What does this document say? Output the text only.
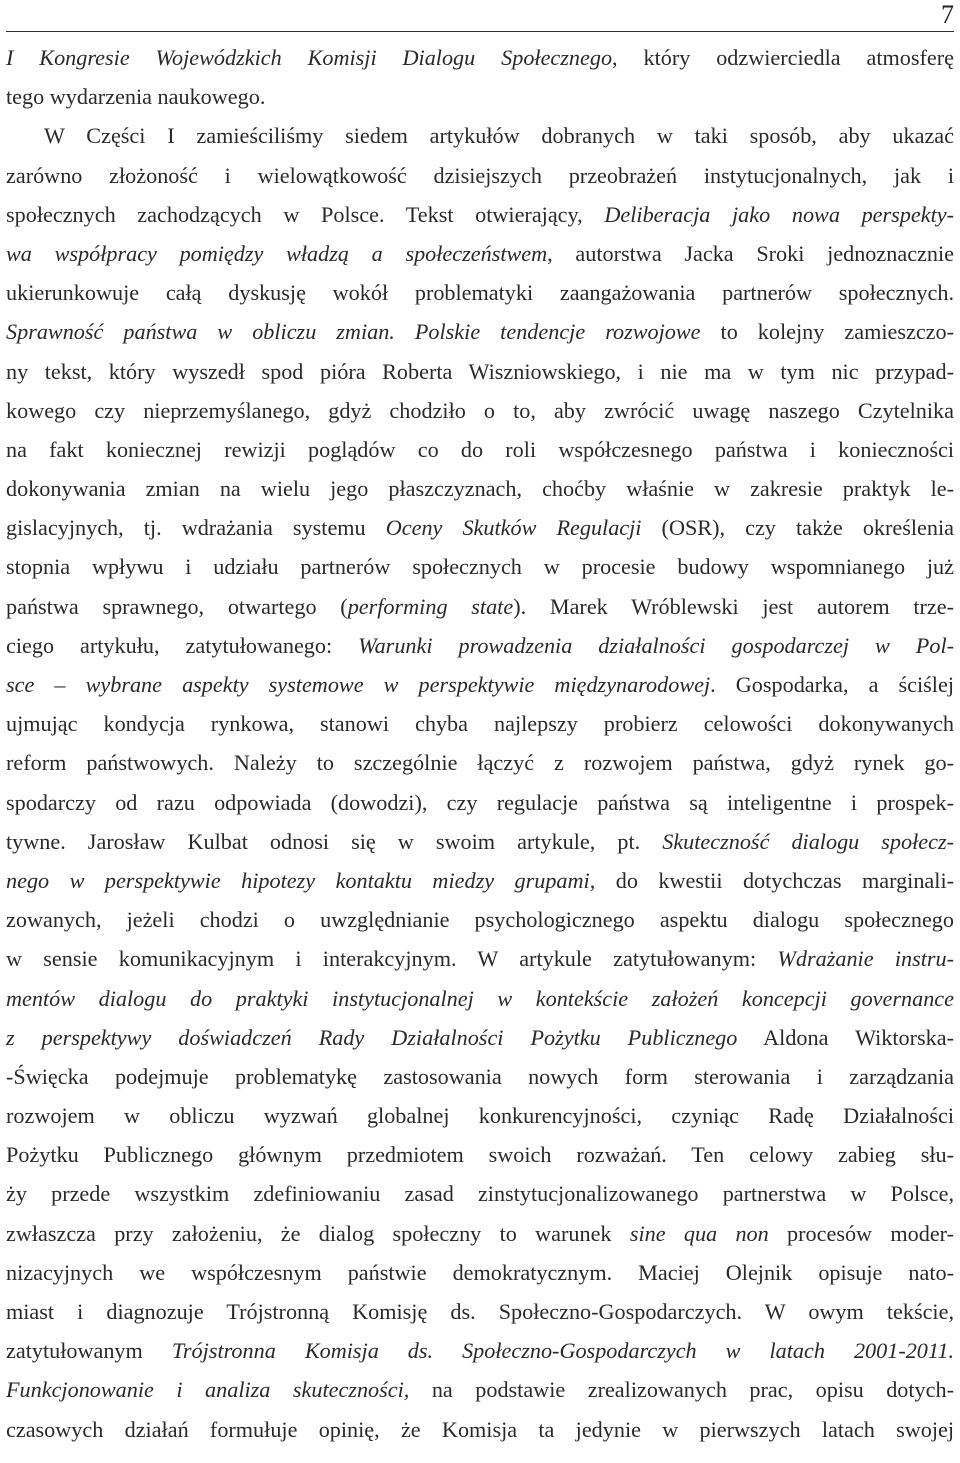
7
I Kongresie Wojewódzkich Komisji Dialogu Społecznego, który odzwierciedla atmosferę
tego wydarzenia naukowego.
W Części I zamieściliśmy siedem artykułów dobranych w taki sposób, aby ukazać
zarówno złożoność i wielowątkowość dzisiejszych przeobrażeń instytucjonalnych, jak i
społecznych zachodzących w Polsce. Tekst otwierający, Deliberacja jako nowa perspekty-
wa współpracy pomiędzy władzą a społeczeństwem, autorstwa Jacka Sroki jednoznacznie
ukierunkowuje całą dyskusję wokół problematyki zaangażowania partnerów społecznych.
Sprawność państwa w obliczu zmian. Polskie tendencje rozwojowe to kolejny zamieszczo-
ny tekst, który wyszedł spod pióra Roberta Wiszniowskiego, i nie ma w tym nic przypad-
kowego czy nieprzemyślanego, gdyż chodziło o to, aby zwrócić uwagę naszego Czytelnika
na fakt koniecznej rewizji poglądów co do roli współczesnego państwa i konieczności
dokonywania zmian na wielu jego płaszczyznach, choćby właśnie w zakresie praktyk le-
gislacyjnych, tj. wdrażania systemu Oceny Skutków Regulacji (OSR), czy także określenia
stopnia wpływu i udziału partnerów społecznych w procesie budowy wspomnianego już
państwa sprawnego, otwartego (performing state). Marek Wróblewski jest autorem trze-
ciego artykułu, zatytułowanego: Warunki prowadzenia działalności gospodarczej w Pol-
sce – wybrane aspekty systemowe w perspektywie międzynarodowej. Gospodarka, a ściślej
ujmując kondycja rynkowa, stanowi chyba najlepszy probierz celowości dokonywanych
reform państwowych. Należy to szczególnie łączyć z rozwojem państwa, gdyż rynek go-
spodarczy od razu odpowiada (dowodzi), czy regulacje państwa są inteligentne i prospek-
tywne. Jarosław Kulbat odnosi się w swoim artykule, pt. Skuteczność dialogu społecz-
nego w perspektywie hipotezy kontaktu miedzy grupami, do kwestii dotychczas marginali-
zowanych, jeżeli chodzi o uwzględnianie psychologicznego aspektu dialogu społecznego
w sensie komunikacyjnym i interakcyjnym. W artykule zatytułowanym: Wdrażanie instru-
mentów dialogu do praktyki instytucjonalnej w kontekście założeń koncepcji governance
z perspektywy doświadczeń Rady Działalności Pożytku Publicznego Aldona Wiktorska-
-Święcka podejmuje problematykę zastosowania nowych form sterowania i zarządzania
rozwojem w obliczu wyzwań globalnej konkurencyjności, czyniąc Radę Działalności
Pożytku Publicznego głównym przedmiotem swoich rozważań. Ten celowy zabieg słu-
ży przede wszystkim zdefiniowaniu zasad zinstytucjonalizowanego partnerstwa w Polsce,
zwłaszcza przy założeniu, że dialog społeczny to warunek sine qua non procesów moder-
nizacyjnych we współczesnym państwie demokratycznym. Maciej Olejnik opisuje nato-
miast i diagnozuje Trójstronną Komisję ds. Społeczno-Gospodarczych. W owym tekście,
zatytułowanym Trójstronna Komisja ds. Społeczno-Gospodarczych w latach 2001-2011.
Funkcjonowanie i analiza skuteczności, na podstawie zrealizowanych prac, opisu dotych-
czasowych działań formułuje opinię, że Komisja ta jedynie w pierwszych latach swojej
